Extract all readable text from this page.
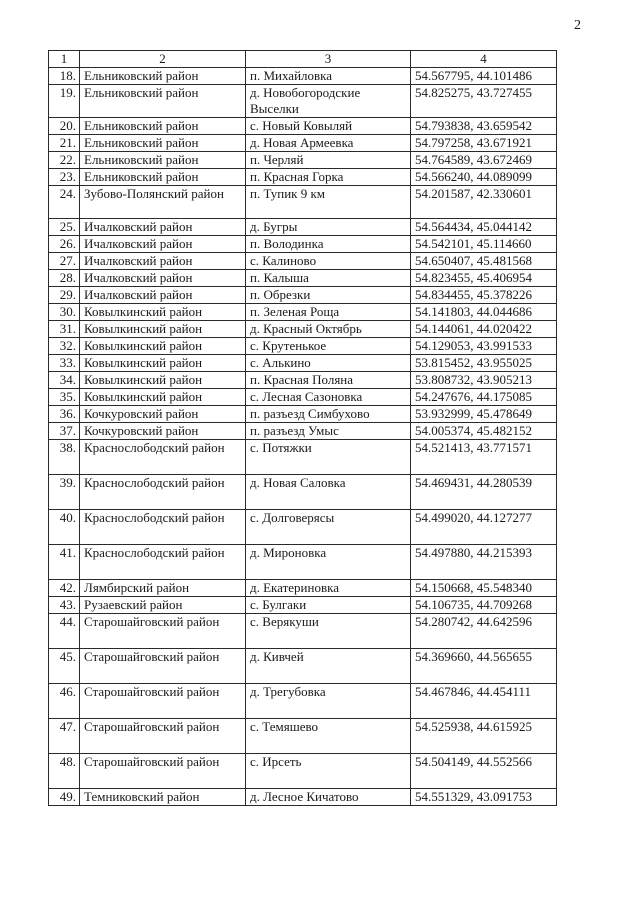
2
1	2	3	4
18.	Ельниковский район	п. Михайловка	54.567795, 44.101486
19.	Ельниковский район	д. Новобогородские Выселки	54.825275, 43.727455
20.	Ельниковский район	с. Новый Ковыляй	54.793838, 43.659542
21.	Ельниковский район	д. Новая Армеевка	54.797258, 43.671921
22.	Ельниковский район	п. Черляй	54.764589, 43.672469
23.	Ельниковский район	п. Красная Горка	54.566240, 44.089099
24.	Зубово-Полянский район	п. Тупик 9 км	54.201587, 42.330601
25.	Ичалковский район	д. Бугры	54.564434, 45.044142
26.	Ичалковский район	п. Володинка	54.542101, 45.114660
27.	Ичалковский район	с. Калиново	54.650407, 45.481568
28.	Ичалковский район	п. Калыша	54.823455, 45.406954
29.	Ичалковский район	п. Обрезки	54.834455, 45.378226
30.	Ковылкинский район	п. Зеленая Роща	54.141803, 44.044686
31.	Ковылкинский район	д. Красный Октябрь	54.144061, 44.020422
32.	Ковылкинский район	с. Крутенькое	54.129053, 43.991533
33.	Ковылкинский район	с. Алькино	53.815452, 43.955025
34.	Ковылкинский район	п. Красная Поляна	53.808732, 43.905213
35.	Ковылкинский район	с. Лесная Сазоновка	54.247676, 44.175085
36.	Кочкуровский район	п. разъезд Симбухово	53.932999, 45.478649
37.	Кочкуровский район	п. разъезд Умыс	54.005374, 45.482152
38.	Краснослободский район	с. Потяжки	54.521413, 43.771571
39.	Краснослободский район	д. Новая Саловка	54.469431, 44.280539
40.	Краснослободский район	с. Долговерясы	54.499020, 44.127277
41.	Краснослободский район	д. Мироновка	54.497880, 44.215393
42.	Лямбирский район	д. Екатериновка	54.150668, 45.548340
43.	Рузаевский район	с. Булгаки	54.106735, 44.709268
44.	Старошайговский район	с. Верякуши	54.280742, 44.642596
45.	Старошайговский район	д. Кивчей	54.369660, 44.565655
46.	Старошайговский район	д. Трегубовка	54.467846, 44.454111
47.	Старошайговский район	с. Темяшево	54.525938, 44.615925
48.	Старошайговский район	с. Ирсеть	54.504149, 44.552566
49.	Темниковский район	д. Лесное Кичатово	54.551329, 43.091753
